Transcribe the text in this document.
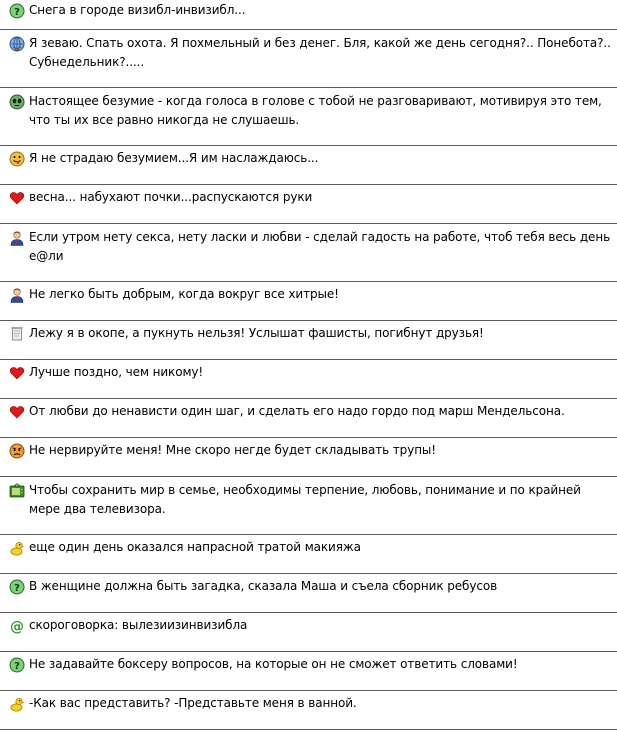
? Снега в городе визибл-инвизибл...
Я зеваю. Спать охота. Я похмельный и без денег. Бля, какой же день сегодня?.. Понебота?.. Субнедельник?.....
Настоящее безумие - когда голоса в голове с тобой не разговаривают, мотивируя это тем, что ты их все равно никогда не слушаешь.
Я не страдаю безумием...Я им наслаждаюсь...
весна... набухают почки...распускаются руки
Если утром нету секса, нету ласки и любви - сделай гадость на работе, чтоб тебя весь день е@ли
Не легко быть добрым, когда вокруг все хитрые!
Лежу я в окопе, а пукнуть нельзя! Услышат фашисты, погибнут друзья!
Лучше поздно, чем никому!
От любви до ненависти один шаг, и сделать его надо гордо под марш Мендельсона.
Не нервируйте меня! Мне скоро негде будет складывать трупы!
Чтобы сохранить мир в семье, необходимы терпение, любовь, понимание и по крайней мере два телевизора.
еще один день оказался напрасной тратой макияжа
? В женщине должна быть загадка, сказала Маша и съела сборник ребусов
@ скороговорка: вылезиизинвизибла
? Не задавайте боксеру вопросов, на которые он не сможет ответить словами!
-Как вас представить? -Представьте меня в ванной.
